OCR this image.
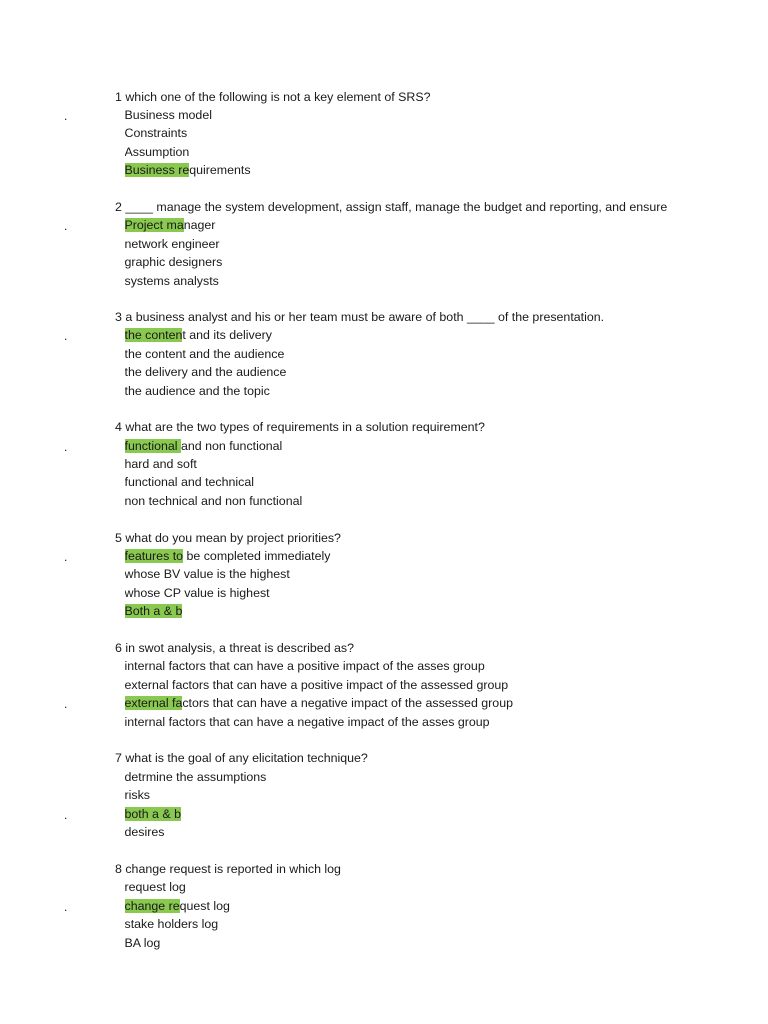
1 which one of the following is not a key element of SRS?
.	Business model
Constraints
Assumption
Business requirements
2 ____ manage the system development, assign staff, manage the budget and reporting, and ensure
.	Project manager
network engineer
graphic designers
systems analysts
3 a business analyst and his or her team must be aware of both ____ of the presentation.
.	the content and its delivery
the content and the audience
the delivery and the audience
the audience and the topic
4 what are the two types of requirements in a solution requirement?
.	functional and non functional
hard and soft
functional and technical
non technical and non functional
5 what do you mean by project priorities?
.	features to be completed immediately
whose BV value is the highest
whose CP value is highest
Both a & b
6 in swot analysis, a threat is described as?
internal factors that can have a positive impact of the asses group
external factors that can have a positive impact of the assessed group
.	external factors that can have a negative impact of the assessed group
internal factors that can have a negative impact of the asses group
7 what is the goal of any elicitation technique?
detrmine the assumptions
risks
.	both a & b
desires
8 change request is reported in which log
request log
.	change request log
stake holders log
BA log
